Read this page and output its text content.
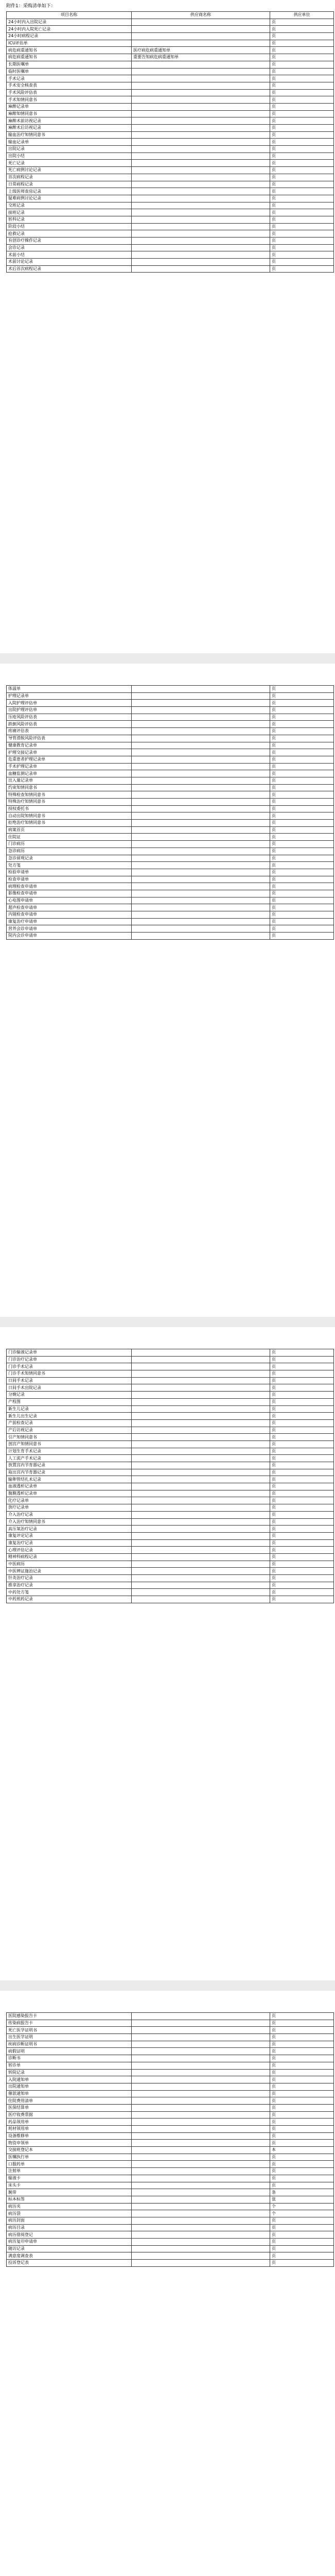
附件1：采购清单如下：
项目名称	供应商名称	供应单位
24小时内入出院记录		页
24小时内入院死亡记录		页
24小时病程记录		页
ICU评估单		页
病危病重通知书	医疗病危病重通知单	页
病危病重通知书	重要告知病危病重通知单	页
长期医嘱单		页
临时医嘱单		页
手术记录		页
手术安全核查表		页
手术风险评估表		页
手术知情同意书		页
麻醉记录单		页
麻醉知情同意书		页
麻醉术前访视记录		页
麻醉术后访视记录		页
输血治疗知情同意书		页
输血记录单		页
出院记录		页
出院小结		页
死亡记录		页
死亡病例讨论记录		页
首次病程记录		页
日常病程记录		页
上级医师查房记录		页
疑难病例讨论记录		页
交班记录		页
接班记录		页
转科记录		页
阶段小结		页
抢救记录		页
有创诊疗操作记录		页
会诊记录		页
术前小结		页
术前讨论记录		页
术后首次病程记录		页
体温单		页
护理记录单		页
入院护理评估单		页
出院护理评估单		页
压疮风险评估表		页
跌倒风险评估表		页
疼痛评估表		页
导管滑脱风险评估表		页
健康教育记录单		页
护理交接记录单		页
危重患者护理记录单		页
手术护理记录单		页
血糖监测记录单		页
出入量记录单		页
约束知情同意书		页
特殊检查知情同意书		页
特殊治疗知情同意书		页
授权委托书		页
自动出院知情同意书		页
拒绝治疗知情同意书		页
病案首页		页
住院证		页
门诊病历		页
急诊病历		页
急诊留观记录		页
处方笺		页
检验申请单		页
检查申请单		页
病理检查申请单		页
影像检查申请单		页
心电图申请单		页
超声检查申请单		页
内镜检查申请单		页
康复治疗申请单		页
营养会诊申请单		页
院内会诊申请单		页
门诊输液记录单		页
门诊治疗记录单		页
门诊手术记录		页
门诊手术知情同意书		页
日间手术记录		页
日间手术出院记录		页
分娩记录		页
产程图		页
新生儿记录		页
新生儿出生记录		页
产前检查记录		页
产后访视记录		页
引产知情同意书		页
剖宫产知情同意书		页
计划生育手术记录		页
人工流产手术记录		页
放置宫内节育器记录		页
取出宫内节育器记录		页
输卵管结扎术记录		页
血液透析记录单		页
腹膜透析记录单		页
化疗记录单		页
放疗记录单		页
介入治疗记录		页
介入治疗知情同意书		页
高压氧治疗记录		页
康复评定记录		页
康复治疗记录		页
心理评估记录		页
精神科病程记录		页
中医病历		页
中医辨证施治记录		页
针灸治疗记录		页
推拿治疗记录		页
中药处方笺		页
中药煎药记录		页
医院感染报告卡		页
传染病报告卡		页
死亡医学证明书		页
出生医学证明		页
疾病诊断证明书		页
病假证明		页
诊断书		页
转诊单		页
转院记录		页
入院通知单		页
出院通知单		页
催款通知单		页
住院费用清单		页
医保结算单		页
医疗收费票据		页
药品领用单		页
耗材领用单		页
设备维修单		页
物资申领单		页
交接班登记本		本
医嘱执行单		页
口服药单		页
注射单		页
输液卡		页
床头卡		页
腕带		条
标本标签		张
病历夹		个
病历袋		个
病历封面		页
病历目录		页
病历借阅登记		页
病历复印申请单		页
随访记录		页
满意度调查表		页
投诉登记表		页
